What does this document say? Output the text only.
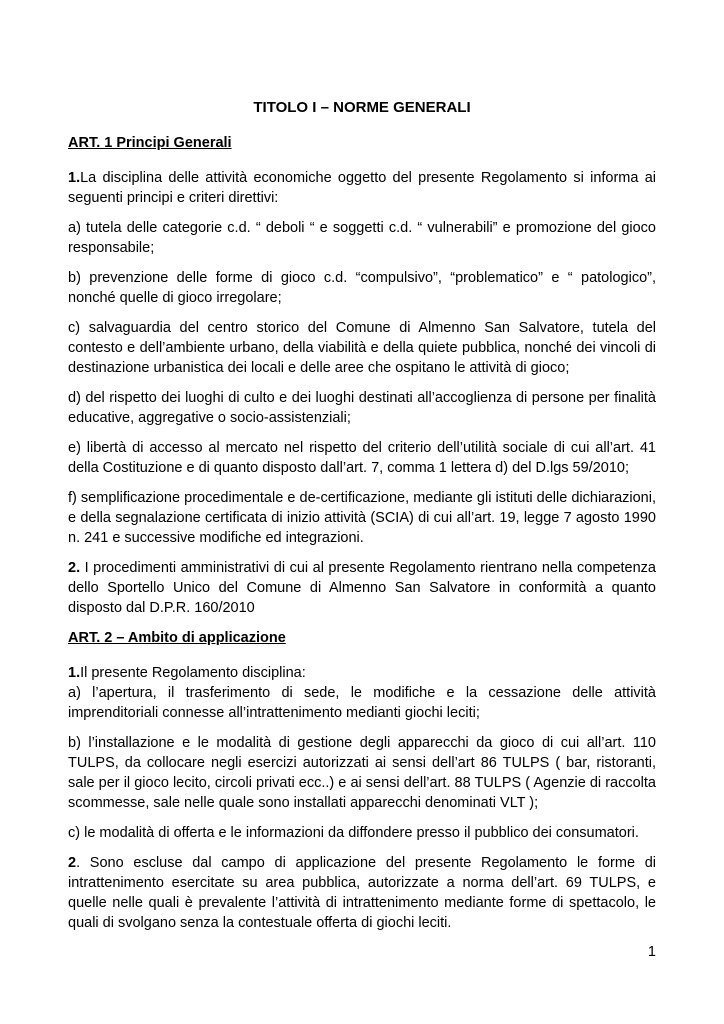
TITOLO I – NORME GENERALI
ART. 1 Principi Generali

1.La disciplina delle attività economiche oggetto del presente Regolamento si informa ai seguenti principi e criteri direttivi:

a) tutela delle categorie c.d. “ deboli “ e soggetti c.d. “ vulnerabili” e promozione del gioco responsabile;

b) prevenzione delle forme di gioco c.d. “compulsivo”, “problematico” e “ patologico”, nonché quelle di gioco irregolare;

c) salvaguardia del centro storico del Comune di Almenno San Salvatore, tutela del contesto e dell’ambiente urbano, della viabilità e della quiete pubblica, nonché dei vincoli di destinazione urbanistica dei locali e delle aree che ospitano le attività di gioco;

d) del rispetto dei luoghi di culto e dei luoghi destinati all’accoglienza di persone per finalità educative, aggregative o socio-assistenziali;

e) libertà di accesso al mercato nel rispetto del criterio dell’utilità sociale di cui all’art. 41 della Costituzione e di quanto disposto dall’art. 7, comma 1 lettera d) del D.lgs 59/2010;

f) semplificazione procedimentale e de-certificazione, mediante gli istituti delle dichiarazioni, e della segnalazione certificata di inizio attività (SCIA) di cui all’art. 19, legge 7 agosto 1990 n. 241 e successive modifiche ed integrazioni.

2. I procedimenti amministrativi di cui al presente Regolamento rientrano nella competenza dello Sportello Unico del Comune di Almenno San Salvatore in conformità a quanto disposto dal D.P.R. 160/2010

ART. 2 – Ambito di applicazione

1.Il presente Regolamento disciplina:

a) l’apertura, il trasferimento di sede, le modifiche e la cessazione delle attività imprenditoriali connesse all’intrattenimento medianti giochi leciti;

b) l’installazione e le modalità di gestione degli apparecchi da gioco di cui all’art. 110 TULPS, da collocare negli esercizi autorizzati ai sensi dell’art 86 TULPS ( bar, ristoranti, sale per il gioco lecito, circoli privati ecc..) e ai sensi dell’art. 88 TULPS ( Agenzie di raccolta scommesse, sale nelle quale sono installati apparecchi denominati VLT );

c) le modalità di offerta e le informazioni da diffondere presso il pubblico dei consumatori.

2. Sono escluse dal campo di applicazione del presente Regolamento le forme di intrattenimento esercitate su area pubblica, autorizzate a norma dell’art. 69 TULPS, e quelle nelle quali è prevalente l’attività di intrattenimento mediante forme di spettacolo, le quali di svolgano senza la contestuale offerta di giochi leciti.

1
